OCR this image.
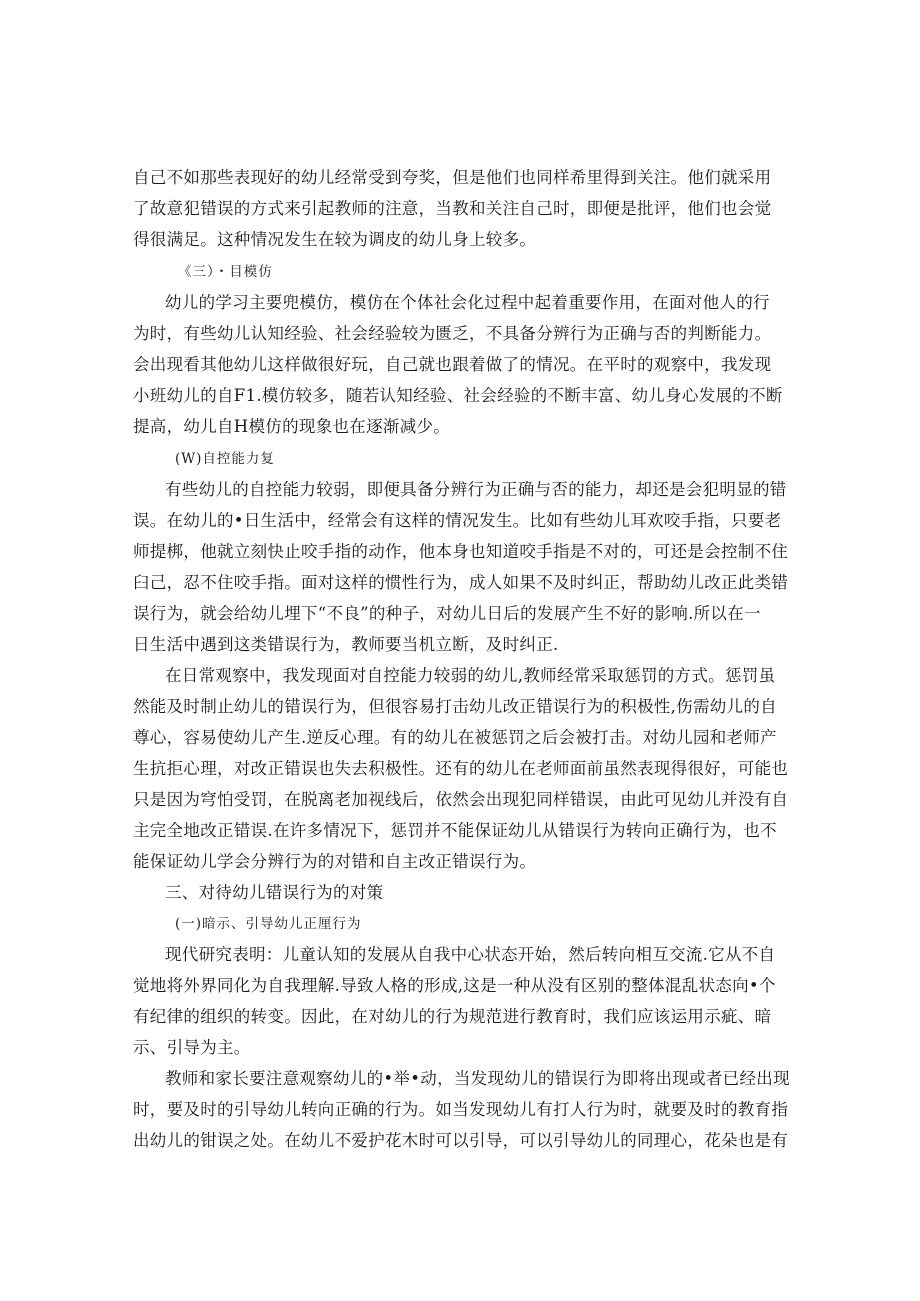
自己不如那些表现好的幼儿经常受到夸奖，但是他们也同样希里得到关注。他们就采用
了故意犯错误的方式来引起教师的注意，当教和关注自己时，即便是批评，他们也会觉
得很满足。这种情况发生在较为调皮的幼儿身上较多。
《三）・目模仿
幼儿的学习主要兜模仿，模仿在个体社会化过程中起着重要作用，在面对他人的行
为时，有些幼儿认知经验、社会经验较为匮乏，不具备分辨行为正确与否的判断能力。
会出现看其他幼儿这样做很好玩，自己就也跟着做了的情况。在平时的观察中，我发现
小班幼儿的自F1.模仿较多，随若认知经验、社会经验的不断丰富、幼儿身心发展的不断
提高，幼儿自H模仿的现象也在逐渐减少。
(W)自控能力复
有些幼儿的自控能力较弱，即便具备分辨行为正确与否的能力，却还是会犯明显的错
误。在幼儿的•日生活中，经常会有这样的情况发生。比如有些幼儿耳欢咬手指，只要老
师提梆，他就立刻快止咬手指的动作，他本身也知道咬手指是不对的，可还是会控制不住
臼己，忍不住咬手指。面对这样的惯性行为，成人如果不及时纠正，帮助幼儿改正此类错
误行为，就会给幼儿埋下“不良”的种子，对幼儿日后的发展产生不好的影响.所以在一
日生活中遇到这类错误行为，教师要当机立断，及时纠正.
在日常观察中，我发现面对自控能力较弱的幼儿,教师经常采取惩罚的方式。惩罚虽
然能及时制止幼儿的错误行为，但很容易打击幼儿改正错误行为的积极性,伤需幼儿的自
尊心，容易使幼儿产生.逆反心理。有的幼儿在被惩罚之后会被打击。对幼儿园和老师产
生抗拒心理，对改正错误也失去积极性。还有的幼儿在老师面前虽然表现得很好，可能也
只是因为穹怕受罚，在脱离老加视线后，依然会出现犯同样错误，由此可见幼儿并没有自
主完全地改正错误.在许多情况下，惩罚并不能保证幼儿从错误行为转向正确行为，也不
能保证幼儿学会分辨行为的对错和自主改正错误行为。
三、对待幼儿错误行为的对策
(一)暗示、引导幼儿正厘行为
现代研究表明：儿童认知的发展从自我中心状态开始，然后转向相互交流.它从不自
觉地将外界同化为自我理解.导致人格的形成,这是一种从没有区别的整体混乱状态向•个
有纪律的组织的转变。因此，在对幼儿的行为规范进行教育时，我们应该运用示疵、暗
示、引导为主。
教师和家长要注意观察幼儿的•举•动，当发现幼儿的错误行为即将出现或者已经出现
时，要及时的引导幼儿转向正确的行为。如当发现幼儿有打人行为时，就要及时的教育指
出幼儿的钳误之处。在幼儿不爱护花木时可以引导，可以引导幼儿的同理心，花朵也是有
